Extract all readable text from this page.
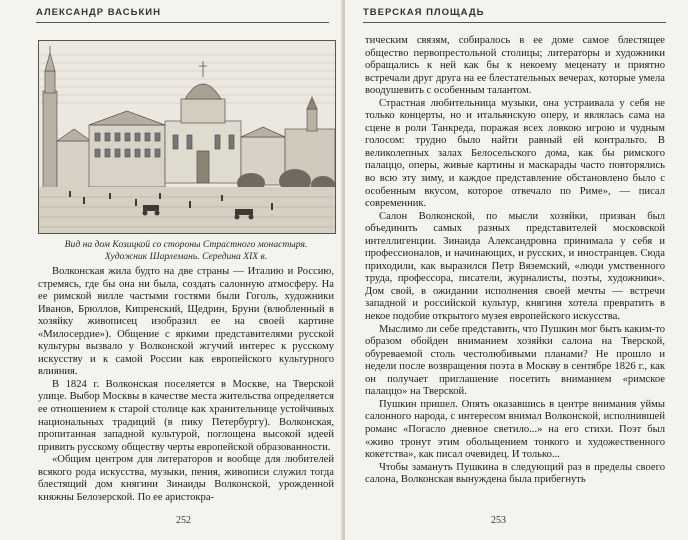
АЛЕКСАНДР ВАСЬКИН
Вид на дом Козицкой со стороны Страстного монастыря.
Художник Шарлемань. Середина XIX в.

Волконская жила будто на две страны — Италию и Россию, стремясь, где бы она ни была, создать салонную атмосферу. На ее римской вилле частыми гостями были Гоголь, художники Иванов, Брюллов, Кипренский, Щедрин, Бруни (влюбленный в хозяйку живописец изобразил ее на своей картине «Милосердие»). Общение с яркими представителями русской культуры вызвало у Волконской жгучий интерес к русскому искусству и к самой России как европейского культурного влияния.

В 1824 г. Волконская поселяется в Москве, на Тверской улице. Выбор Москвы в качестве места жительства определяется ее отношением к старой столице как хранительнице устойчивых национальных традиций (в пику Петербургу). Волконская, пропитанная западной культурой, поглощена высокой идеей привить русскому обществу черты европейской образованности.

«Общим центром для литераторов и вообще для любителей всякого рода искусства, музыки, пения, живописи служил тогда блестящий дом княгини Зинаиды Волконской, урожденной княжны Белозерской. По ее аристокра-

252
ТВЕРСКАЯ ПЛОЩАДЬ

тическим связям, собиралось в ее доме самое блестящее общество первопрестольной столицы; литераторы и художники обращались к ней как бы к некоему меценату и приятно встречали друг друга на ее блестательных вечерах, которые умела воодушевить с особенным талантом.

Страстная любительница музыки, она устраивала у себя не только концерты, но и итальянскую оперу, и являлась сама на сцене в роли Танкреда, поражая всех ловкою игрою и чудным голосом: трудно было найти равный ей контральто. В великолепных залах Белосельского дома, как бы римского палаццо, оперы, живые картины и маскарады часто повторялись во всю эту зиму, и каждое представление обстановлено было с особенным вкусом, которое отвечало по Риме», — писал современник.

Салон Волконской, по мысли хозяйки, призван был объединить самых разных представителей московской интеллигенции. Зинаида Александровна принимала у себя и профессионалов, и начинающих, и русских, и иностранцев. Сюда приходили, как выразился Петр Вяземский, «люди умственного труда, профессора, писатели, журналисты, поэты, художники». Дом свой, в ожидании исполнения своей мечты — встречи западной и российской культур, княгиня хотела превратить в некое подобие открытого музея европейского искусства.

Мыслимо ли себе представить, что Пушкин мог быть каким-то образом обойден вниманием хозяйки салона на Тверской, обуреваемой столь честолюбивыми планами? Не прошло и недели после возвращения поэта в Москву в сентябре 1826 г., как он получает приглашение посетить вниманием «римское палаццо» на Тверской.

Пушкин пришел. Опять оказавшись в центре внимания уймы салонного народа, с интересом внимал Волконской, исполнившей романс «Погасло дневное светило...» на его стихи. Поэт был «живо тронут этим обольщением тонкого и художественного кокетства», как писал очевидец. И только...

Чтобы замануть Пушкина в следующий раз в пределы своего салона, Волконская вынуждена была прибегнуть

253
